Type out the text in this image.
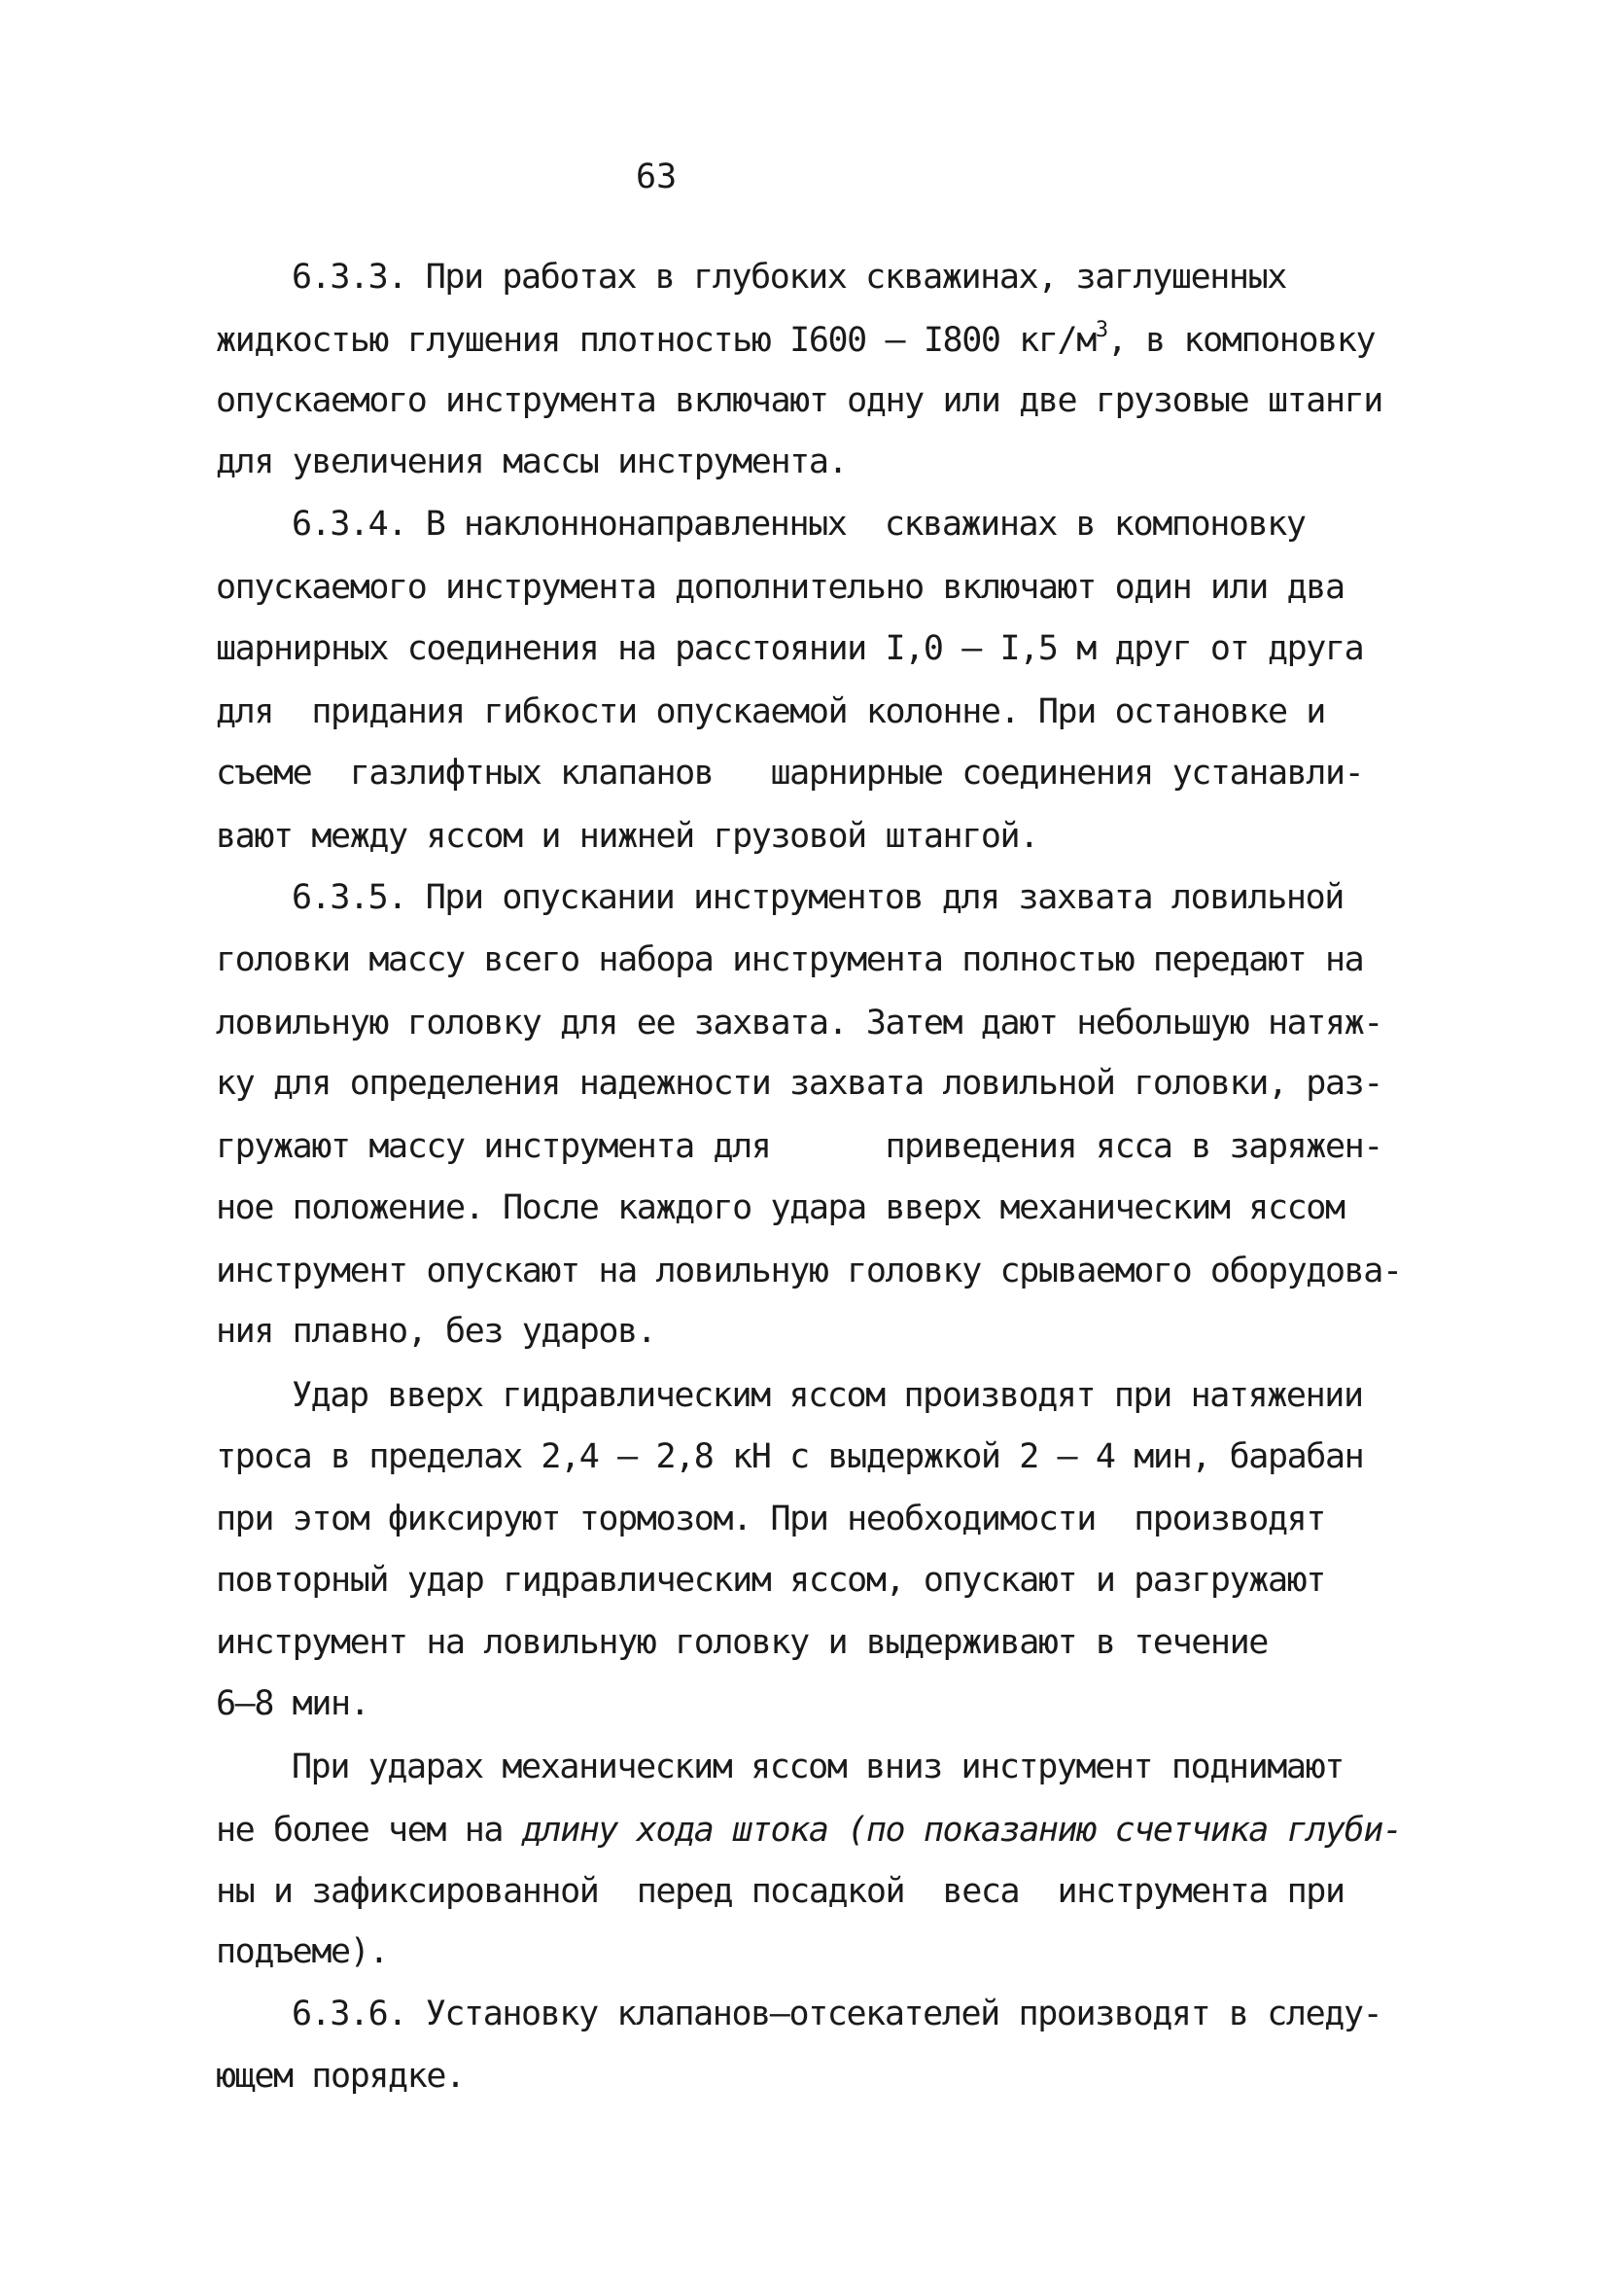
63
6.3.3. При работах в глубоких скважинах, заглушенных
жидкостью глушения плотностью I600 – I800 $кг/м^3$, в компоновку
опускаемого инструмента включают одну или две грузовые штанги
для увеличения массы инструмента.
6.3.4. В наклоннонаправленных  скважинах в компоновку
опускаемого инструмента дополнительно включают один или два
шарнирных соединения на расстоянии I,0 – I,5 м друг от друга
для  придания гибкости опускаемой колонне. При остановке и
съеме  газлифтных клапанов   шарнирные соединения устанавли-
вают между яссом и нижней грузовой штангой.
6.3.5. При опускании инструментов для захвата ловильной
головки массу всего набора инструмента полностью передают на
ловильную головку для ее захвата. Затем дают небольшую натяж-
ку для определения надежности захвата ловильной головки, раз-
гружают массу инструмента для      приведения ясса в заряжен-
ное положение. После каждого удара вверх механическим яссом
инструмент опускают на ловильную головку срываемого оборудова-
ния плавно, без ударов.
Удар вверх гидравлическим яссом производят при натяжении
троса в пределах 2,4 – 2,8 кН с выдержкой 2 – 4 мин, барабан
при этом фиксируют тормозом. При необходимости  производят
повторный удар гидравлическим яссом, опускают и разгружают
инструмент на ловильную головку и выдерживают в течение
6–8 мин.
При ударах механическим яссом вниз инструмент поднимают
не более чем на длину хода штока (по показанию счетчика глуби-
ны и зафиксированной  перед посадкой  веса  инструмента при
подъеме).
6.3.6. Установку клапанов–отсекателей производят в следу-
ющем порядке.
